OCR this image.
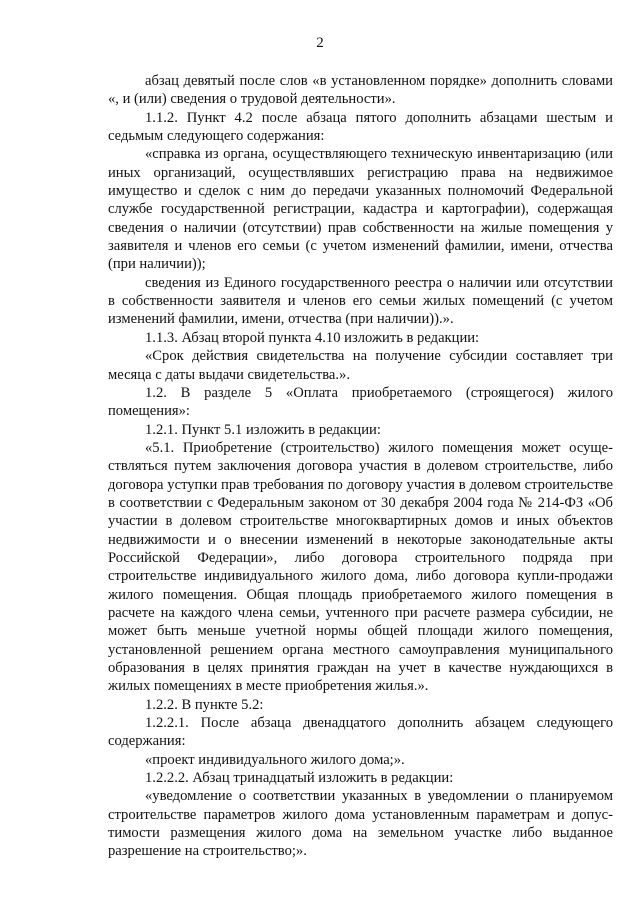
2

абзац девятый после слов «в установленном порядке» дополнить словами «, и (или) сведения о трудовой деятельности».

1.1.2. Пункт 4.2 после абзаца пятого дополнить абзацами шестым и седьмым следующего содержания:

«справка из органа, осуществляющего техническую инвентаризацию (или иных организаций, осуществлявших регистрацию права на недвижимое имущество и сделок с ним до передачи указанных полномочий Федеральной службе государственной регистрации, кадастра и картографии), содержащая сведения о наличии (отсутствии) прав собственности на жилые помещения у заявителя и членов его семьи (с учетом изменений фамилии, имени, отчества (при наличии));

сведения из Единого государственного реестра о наличии или отсутствии в собственности заявителя и членов его семьи жилых помещений (с учетом изменений фамилии, имени, отчества (при наличии)).».

1.1.3. Абзац второй пункта 4.10 изложить в редакции:

«Срок действия свидетельства на получение субсидии составляет три месяца с даты выдачи свидетельства.».

1.2. В разделе 5 «Оплата приобретаемого (строящегося) жилого помещения»:

1.2.1. Пункт 5.1 изложить в редакции:

«5.1. Приобретение (строительство) жилого помещения может осуществляться путем заключения договора участия в долевом строительстве, либо договора уступки прав требования по договору участия в долевом строительстве в соответствии с Федеральным законом от 30 декабря 2004 года № 214-ФЗ «Об участии в долевом строительстве многоквартирных домов и иных объектов недвижимости и о внесении изменений в некоторые законодательные акты Российской Федерации», либо договора строительного подряда при строительстве индивидуального жилого дома, либо договора купли-продажи жилого помещения. Общая площадь приобретаемого жилого помещения в расчете на каждого члена семьи, учтенного при расчете размера субсидии, не может быть меньше учетной нормы общей площади жилого помещения, установленной решением органа местного самоуправления муниципального образования в целях принятия граждан на учет в качестве нуждающихся в жилых помещениях в месте приобретения жилья.».

1.2.2. В пункте 5.2:

1.2.2.1. После абзаца двенадцатого дополнить абзацем следующего содержания:

«проект индивидуального жилого дома;».

1.2.2.2. Абзац тринадцатый изложить в редакции:

«уведомление о соответствии указанных в уведомлении о планируемом строительстве параметров жилого дома установленным параметрам и допустимости размещения жилого дома на земельном участке либо выданное разрешение на строительство;».
